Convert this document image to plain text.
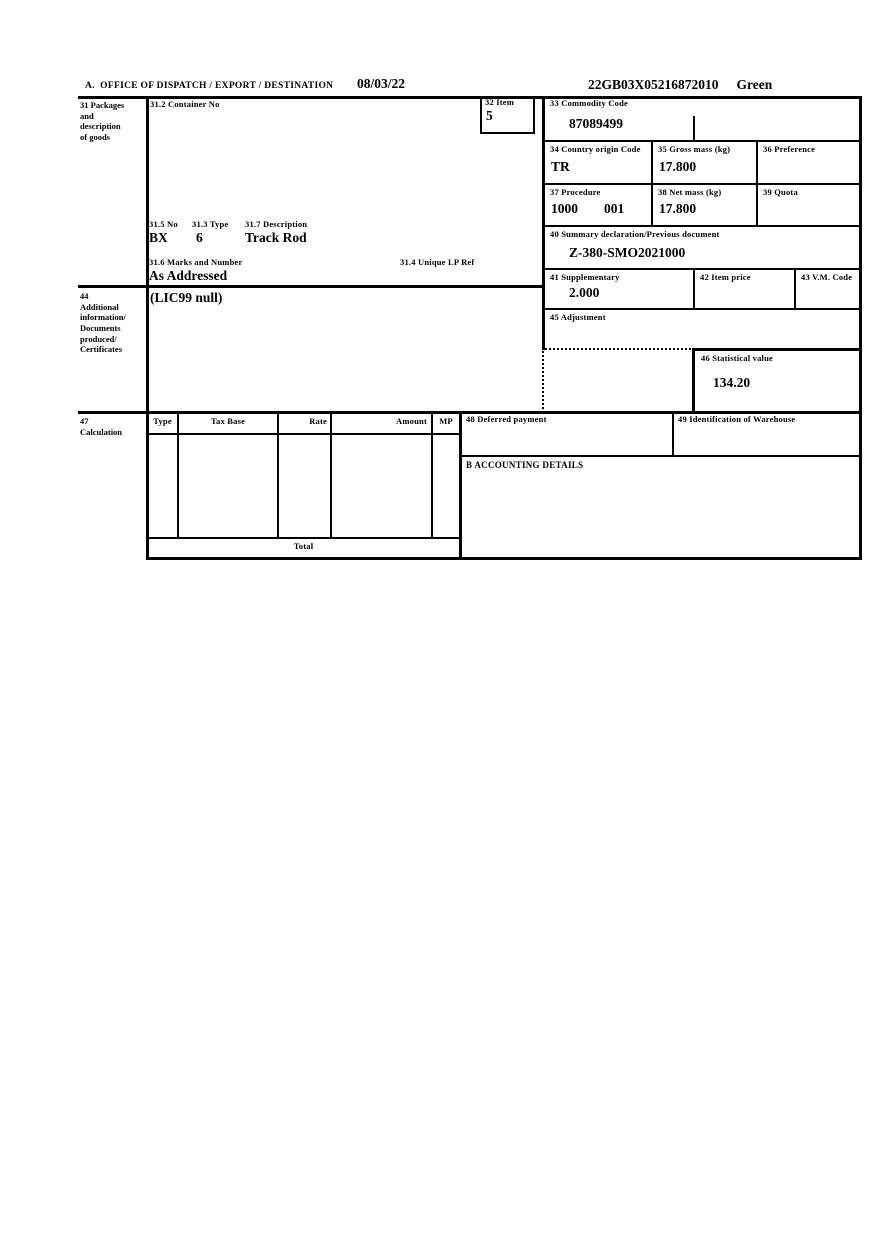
A.  OFFICE OF DISPATCH / EXPORT / DESTINATION 08/03/22	22GB03X05216872010 Green
31 Packages
and
description
of goods
44
Additional
information/
Documents
produced/
Certificates
47
Calculation
31.2 Container No	32 Item
5
31.5 No 31.3 Type 31.7 Description
BX 6	Track Rod
31.6 Marks and Number	31.4 Unique LP Ref
As Addressed
(LIC99 null)
33 Commodity Code
87089499
34 Country origin Code
TR
35 Gross mass (kg)
17.800
36 Preference
37 Procedure
1000 001
38 Net mass (kg)
17.800
39 Quota
40 Summary declaration/Previous document
Z-380-SMO2021000
41 Supplementary
2.000
42 Item price	43 V.M. Code
45 Adjustment
46 Statistical value
134.20
48 Deferred payment	49 Identification of Warehouse
B ACCOUNTING DETAILS
Type	Tax Base	Rate	Amount	MP
Total
